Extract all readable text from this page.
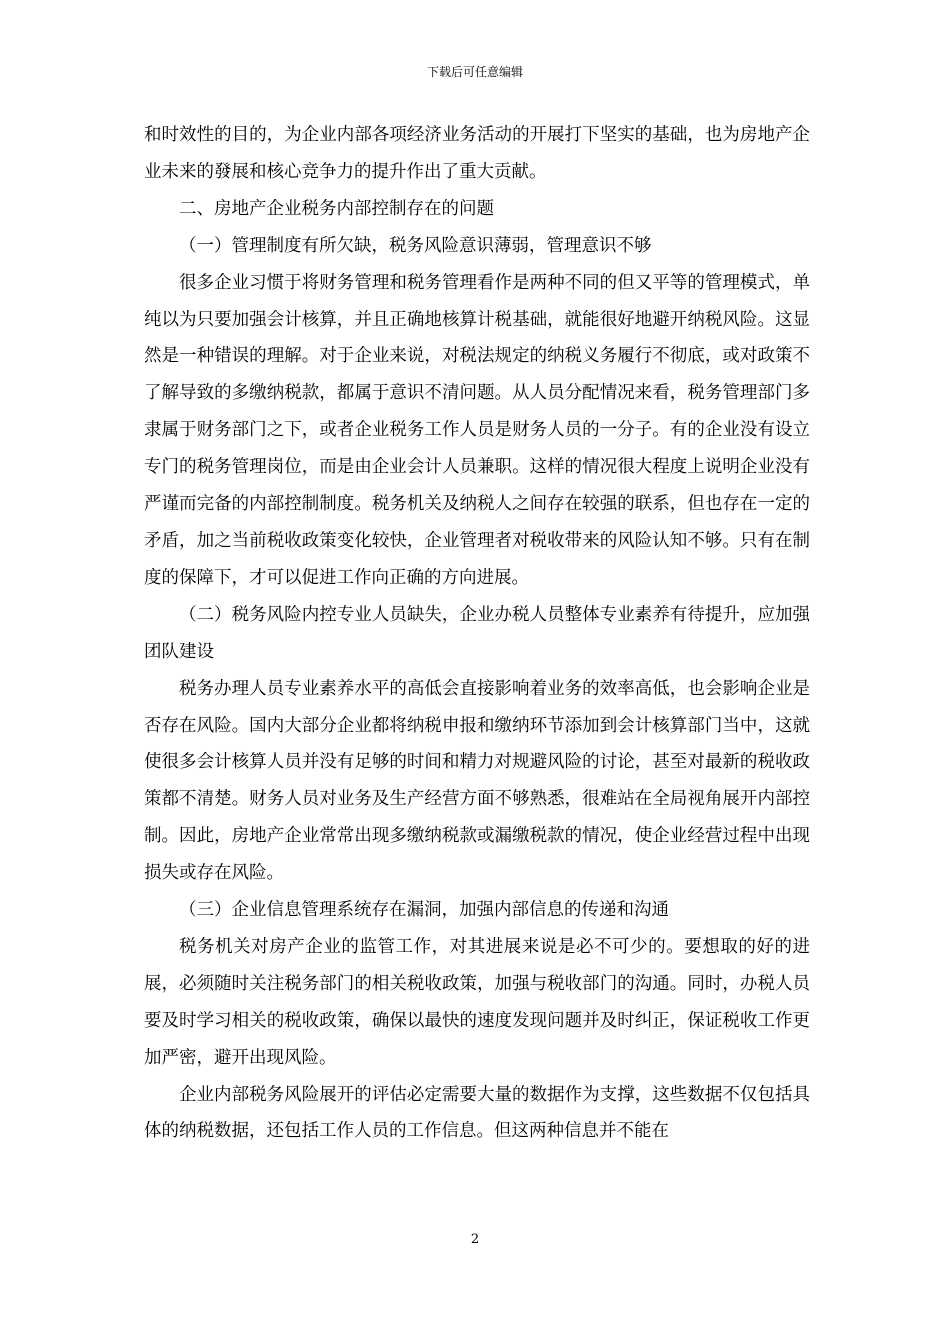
下载后可任意编辑

和时效性的目的，为企业内部各项经济业务活动的开展打下坚实的基础，也为房地产企业未来的發展和核心竞争力的提升作出了重大贡献。

二、房地产企业税务内部控制存在的问题

（一）管理制度有所欠缺，税务风险意识薄弱，管理意识不够

很多企业习惯于将财务管理和税务管理看作是两种不同的但又平等的管理模式，单纯以为只要加强会计核算，并且正确地核算计税基础，就能很好地避开纳税风险。这显然是一种错误的理解。对于企业来说，对税法规定的纳税义务履行不彻底，或对政策不了解导致的多缴纳税款，都属于意识不清问题。从人员分配情况来看，税务管理部门多隶属于财务部门之下，或者企业税务工作人员是财务人员的一分子。有的企业没有设立专门的税务管理岗位，而是由企业会计人员兼职。这样的情况很大程度上说明企业没有严谨而完备的内部控制制度。税务机关及纳税人之间存在较强的联系，但也存在一定的矛盾，加之当前税收政策变化较快，企业管理者对税收带来的风险认知不够。只有在制度的保障下，才可以促进工作向正确的方向进展。

（二）税务风险内控专业人员缺失，企业办税人员整体专业素养有待提升，应加强团队建设

税务办理人员专业素养水平的高低会直接影响着业务的效率高低，也会影响企业是否存在风险。国内大部分企业都将纳税申报和缴纳环节添加到会计核算部门当中，这就使很多会计核算人员并没有足够的时间和精力对规避风险的讨论，甚至对最新的税收政策都不清楚。财务人员对业务及生产经营方面不够熟悉，很难站在全局视角展开内部控制。因此，房地产企业常常出现多缴纳税款或漏缴税款的情况，使企业经营过程中出现损失或存在风险。

（三）企业信息管理系统存在漏洞，加强内部信息的传递和沟通

税务机关对房产企业的监管工作，对其进展来说是必不可少的。要想取的好的进展，必须随时关注税务部门的相关税收政策，加强与税收部门的沟通。同时，办税人员要及时学习相关的税收政策，确保以最快的速度发现问题并及时纠正，保证税收工作更加严密，避开出现风险。

企业内部税务风险展开的评估必定需要大量的数据作为支撑，这些数据不仅包括具体的纳税数据，还包括工作人员的工作信息。但这两种信息并不能在

2
